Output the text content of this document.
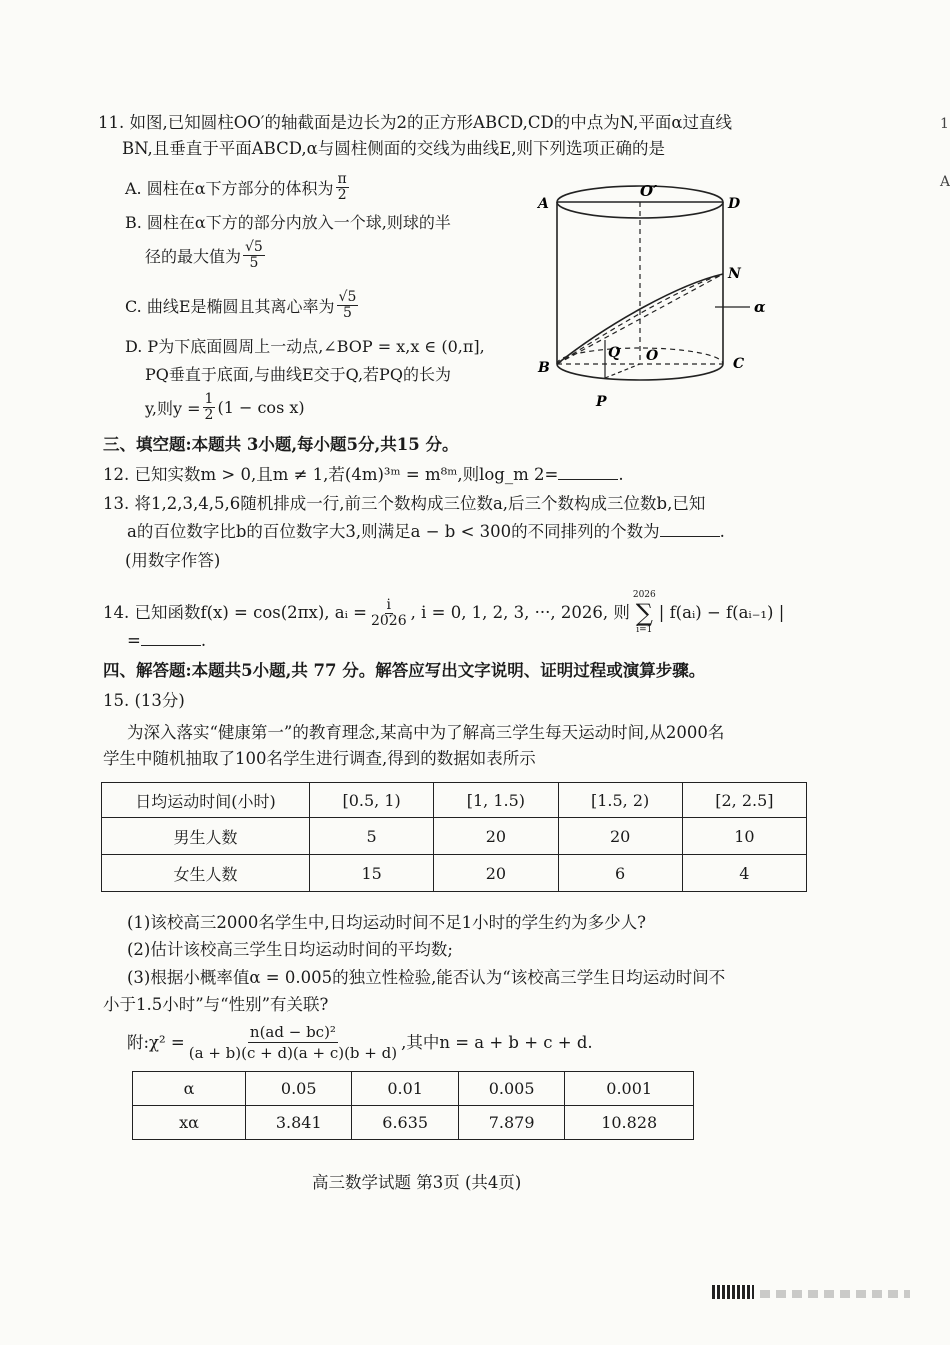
11. 如图,已知圆柱OO′的轴截面是边长为2的正方形ABCD,CD的中点为N,平面α过直线
BN,且垂直于平面ABCD,α与圆柱侧面的交线为曲线E,则下列选项正确的是
A. 圆柱在α下方部分的体积为 $\frac{\pi}{2}$
B. 圆柱在α下方的部分内放入一个球,则球的半
径的最大值为 $\frac{√5}{5}$
C. 曲线E是椭圆且其离心率为 $\frac{√5}{5}$
D. P为下底面圆周上一动点,∠BOP = x,x ∈ (0,π],
PQ垂直于底面,与曲线E交于Q,若PQ的长为
y,则$y = \frac{1}{2} (1 - \cos x)$
O′
A	D
N
α
B
Q O	C
P
三、填空题:本题共 3小题,每小题5分,共15 分。
12. 已知实数m > 0,且m ≠ 1,若(4m)³ᵐ = m⁸ᵐ,则log_m 2=	.
13. 将1,2,3,4,5,6随机排成一行,前三个数构成三位数a,后三个数构成三位数b,已知
a的百位数字比b的百位数字大3,则满足a − b < 300的不同排列的个数为	.
(用数字作答)
14. 已知函数f(x) = cos(2πx), aᵢ = $\frac{i}{2026}$ , i = 0, 1, 2, 3, ···, 2026, 则
2026
∑
i=1
| f(aᵢ) − f(aᵢ₋₁) |
=	.
四、解答题:本题共5小题,共 77 分。解答应写出文字说明、证明过程或演算步骤。
15. (13分)
为深入落实“健康第一”的教育理念,某高中为了解高三学生每天运动时间,从2000名
学生中随机抽取了100名学生进行调查,得到的数据如表所示
日均运动时间(小时)	[0.5, 1)	[1, 1.5)	[1.5, 2)	[2, 2.5]
男生人数	5	20	20	10
女生人数	15	20	6	4
(1)该校高三2000名学生中,日均运动时间不足1小时的学生约为多少人?
(2)估计该校高三学生日均运动时间的平均数;
(3)根据小概率值α = 0.005的独立性检验,能否认为“该校高三学生日均运动时间不
小于1.5小时”与“性别”有关联?
附:χ² = $\frac{\text{n(ad − bc)²}}{(a + b)(c + d)(a + c)(b + d)}$ ,其中n = a + b + c + d.
α	0.05	0.01	0.005	0.001
xα	3.841	6.635	7.879	10.828
高三数学试题 第3页 (共4页)
1
A
